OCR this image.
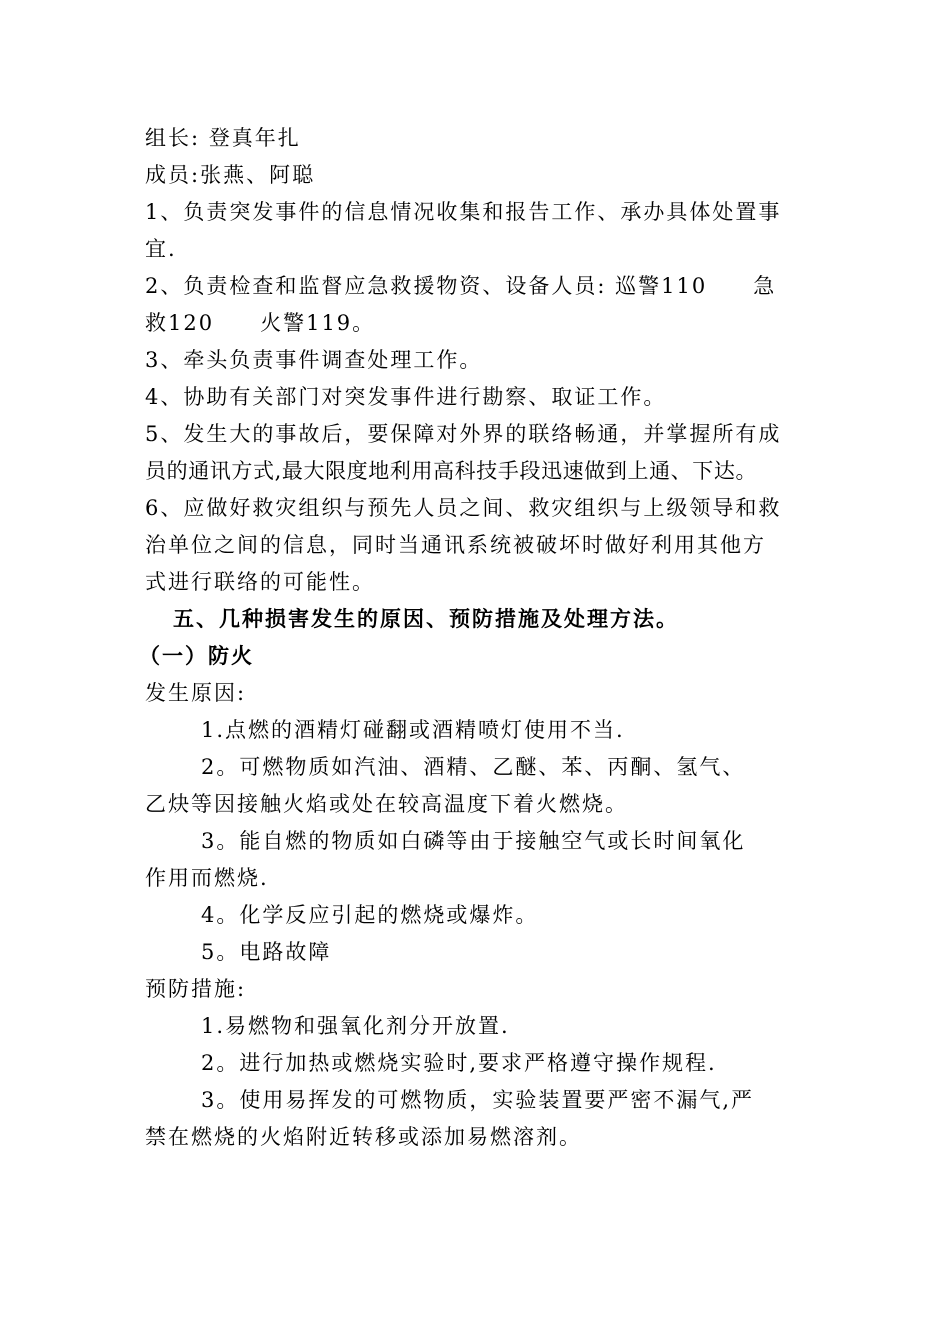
组长: 登真年扎
成员:张燕、阿聪
1、负责突发事件的信息情况收集和报告工作、承办具体处置事
宜.
2、负责检查和监督应急救援物资、设备人员: 巡警110　　急
救120　　火警119。
3、牵头负责事件调查处理工作。
4、协助有关部门对突发事件进行勘察、取证工作。
5、发生大的事故后，要保障对外界的联络畅通，并掌握所有成
员的通讯方式,最大限度地利用高科技手段迅速做到上通、下达。
6、应做好救灾组织与预先人员之间、救灾组织与上级领导和救
治单位之间的信息，同时当通讯系统被破坏时做好利用其他方
式进行联络的可能性。
五、几种损害发生的原因、预防措施及处理方法。
（一）防火
发生原因:
1.点燃的酒精灯碰翻或酒精喷灯使用不当.
2。可燃物质如汽油、酒精、乙醚、苯、丙酮、氢气、
乙炔等因接触火焰或处在较高温度下着火燃烧。
3。能自燃的物质如白磷等由于接触空气或长时间氧化
作用而燃烧.
4。化学反应引起的燃烧或爆炸。
5。电路故障
预防措施:
1.易燃物和强氧化剂分开放置.
2。进行加热或燃烧实验时,要求严格遵守操作规程.
3。使用易挥发的可燃物质，实验装置要严密不漏气,严
禁在燃烧的火焰附近转移或添加易燃溶剂。
